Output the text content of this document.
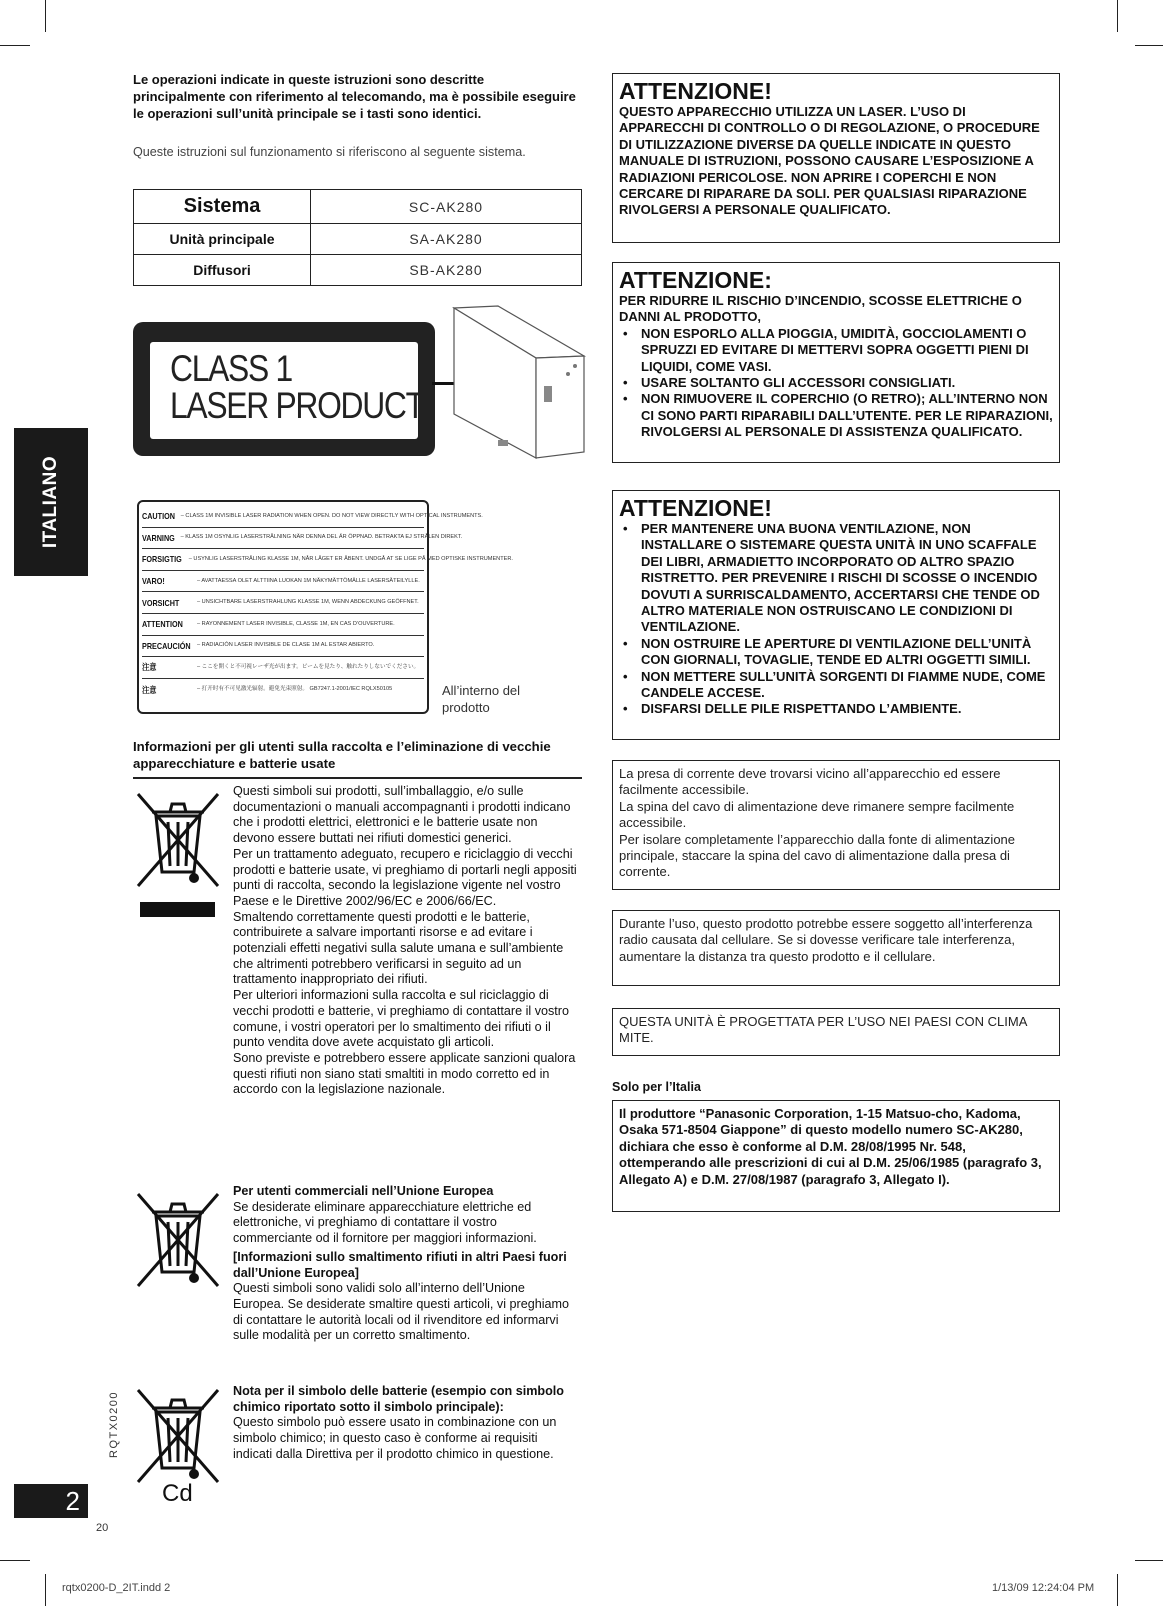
ITALIANO
RQTX0200
2
20
Le operazioni indicate in queste istruzioni sono descritte principalmente con riferimento al telecomando, ma è possibile eseguire le operazioni sull’unità principale se i tasti sono identici.
Queste istruzioni sul funzionamento si riferiscono al seguente sistema.
Sistema	SC-AK280
Unità principale	SA-AK280
Diffusori	SB-AK280
CLASS 1
LASER PRODUCT
CAUTION – CLASS 1M INVISIBLE LASER RADIATION WHEN OPEN. DO NOT VIEW DIRECTLY WITH OPTICAL INSTRUMENTS.
VARNING – KLASS 1M OSYNLIG LASERSTRÅLNING NÄR DENNA DEL ÄR ÖPPNAD. BETRAKTA EJ STRÅLEN DIREKT.
FORSIGTIG – USYNLIG LASERSTRÅLING KLASSE 1M, NÅR LÅGET ER ÅBENT. UNDGÅ AT SE LIGE PÅ MED OPTISKE INSTRUMENTER.
VARO!	– AVATTAESSA OLET ALTTIINA LUOKAN 1M NÄKYMÄTTÖMÄLLE LASERSÄTEILYLLE.
VORSICHT	– UNSICHTBARE LASERSTRAHLUNG KLASSE 1M, WENN ABDECKUNG GEÖFFNET.
ATTENTION	– RAYONNEMENT LASER INVISIBLE, CLASSE 1M, EN CAS D’OUVERTURE.
PRECAUCIÓN – RADIACIÓN LASER INVISIBLE DE CLASE 1M AL ESTAR ABIERTO.
注意	– ここを開くと不可視レーザ光が出ます。ビームを見たり、触れたりしないでください。
注意	– 打开时有不可见激光辐射。避免光束照射。 GB7247.1-2001/IEC RQLX50105	All’interno del prodotto
Informazioni per gli utenti sulla raccolta e l’eliminazione di vecchie apparecchiature e batterie usate
Questi simboli sui prodotti, sull’imballaggio, e/o sulle documentazioni o manuali accompagnanti i prodotti indicano che i prodotti elettrici, elettronici e le batterie usate non devono essere buttati nei rifiuti domestici generici.
Per un trattamento adeguato, recupero e riciclaggio di vecchi prodotti e batterie usate, vi preghiamo di portarli negli appositi punti di raccolta, secondo la legislazione vigente nel vostro Paese e le Direttive 2002/96/EC e 2006/66/EC.
Smaltendo correttamente questi prodotti e le batterie, contribuirete a salvare importanti risorse e ad evitare i potenziali effetti negativi sulla salute umana e sull’ambiente che altrimenti potrebbero verificarsi in seguito ad un trattamento inappropriato dei rifiuti.
Per ulteriori informazioni sulla raccolta e sul riciclaggio di vecchi prodotti e batterie, vi preghiamo di contattare il vostro comune, i vostri operatori per lo smaltimento dei rifiuti o il punto vendita dove avete acquistato gli articoli.
Sono previste e potrebbero essere applicate sanzioni qualora questi rifiuti non siano stati smaltiti in modo corretto ed in accordo con la legislazione nazionale.
Per utenti commerciali nell’Unione Europea
Se desiderate eliminare apparecchiature elettriche ed elettroniche, vi preghiamo di contattare il vostro commerciante od il fornitore per maggiori informazioni.
[Informazioni sullo smaltimento rifiuti in altri Paesi fuori dall’Unione Europea]
Questi simboli sono validi solo all’interno dell’Unione Europea. Se desiderate smaltire questi articoli, vi preghiamo di contattare le autorità locali od il rivenditore ed informarvi sulle modalità per un corretto smaltimento.
Cd
Nota per il simbolo delle batterie (esempio con simbolo chimico riportato sotto il simbolo principale):
Questo simbolo può essere usato in combinazione con un simbolo chimico; in questo caso è conforme ai requisiti indicati dalla Direttiva per il prodotto chimico in questione.
ATTENZIONE!
QUESTO APPARECCHIO UTILIZZA UN LASER. L’USO DI APPARECCHI DI CONTROLLO O DI REGOLAZIONE, O PROCEDURE DI UTILIZZAZIONE DIVERSE DA QUELLE INDICATE IN QUESTO MANUALE DI ISTRUZIONI, POSSONO CAUSARE L’ESPOSIZIONE A RADIAZIONI PERICOLOSE. NON APRIRE I COPERCHI E NON CERCARE DI RIPARARE DA SOLI. PER QUALSIASI RIPARAZIONE RIVOLGERSI A PERSONALE QUALIFICATO.
ATTENZIONE:
PER RIDURRE IL RISCHIO D’INCENDIO, SCOSSE ELETTRICHE O DANNI AL PRODOTTO,
• NON ESPORLO ALLA PIOGGIA, UMIDITÀ, GOCCIOLAMENTI O SPRUZZI ED EVITARE DI METTERVI SOPRA OGGETTI PIENI DI LIQUIDI, COME VASI.
• USARE SOLTANTO GLI ACCESSORI CONSIGLIATI.
• NON RIMUOVERE IL COPERCHIO (O RETRO); ALL’INTERNO NON CI SONO PARTI RIPARABILI DALL’UTENTE. PER LE RIPARAZIONI, RIVOLGERSI AL PERSONALE DI ASSISTENZA QUALIFICATO.
ATTENZIONE!
• PER MANTENERE UNA BUONA VENTILAZIONE, NON INSTALLARE O SISTEMARE QUESTA UNITÀ IN UNO SCAFFALE DEI LIBRI, ARMADIETTO INCORPORATO OD ALTRO SPAZIO RISTRETTO. PER PREVENIRE I RISCHI DI SCOSSE O INCENDIO DOVUTI A SURRISCALDAMENTO, ACCERTARSI CHE TENDE OD ALTRO MATERIALE NON OSTRUISCANO LE CONDIZIONI DI VENTILAZIONE.
• NON OSTRUIRE LE APERTURE DI VENTILAZIONE DELL’UNITÀ CON GIORNALI, TOVAGLIE, TENDE ED ALTRI OGGETTI SIMILI.
• NON METTERE SULL’UNITÀ SORGENTI DI FIAMME NUDE, COME CANDELE ACCESE.
• DISFARSI DELLE PILE RISPETTANDO L’AMBIENTE.
La presa di corrente deve trovarsi vicino all’apparecchio ed essere facilmente accessibile.
La spina del cavo di alimentazione deve rimanere sempre facilmente accessibile.
Per isolare completamente l’apparecchio dalla fonte di alimentazione principale, staccare la spina del cavo di alimentazione dalla presa di corrente.
Durante l’uso, questo prodotto potrebbe essere soggetto all’interferenza radio causata dal cellulare. Se si dovesse verificare tale interferenza, aumentare la distanza tra questo prodotto e il cellulare.
QUESTA UNITÀ È PROGETTATA PER L’USO NEI PAESI CON CLIMA MITE.
Solo per l’Italia
Il produttore “Panasonic Corporation, 1-15 Matsuo-cho, Kadoma, Osaka 571-8504 Giappone” di questo modello numero SC-AK280, dichiara che esso è conforme al D.M. 28/08/1995 Nr. 548, ottemperando alle prescrizioni di cui al D.M. 25/06/1985 (paragrafo 3, Allegato A) e D.M. 27/08/1987 (paragrafo 3, Allegato I).
rqtx0200-D_2IT.indd 2	1/13/09 12:24:04 PM
